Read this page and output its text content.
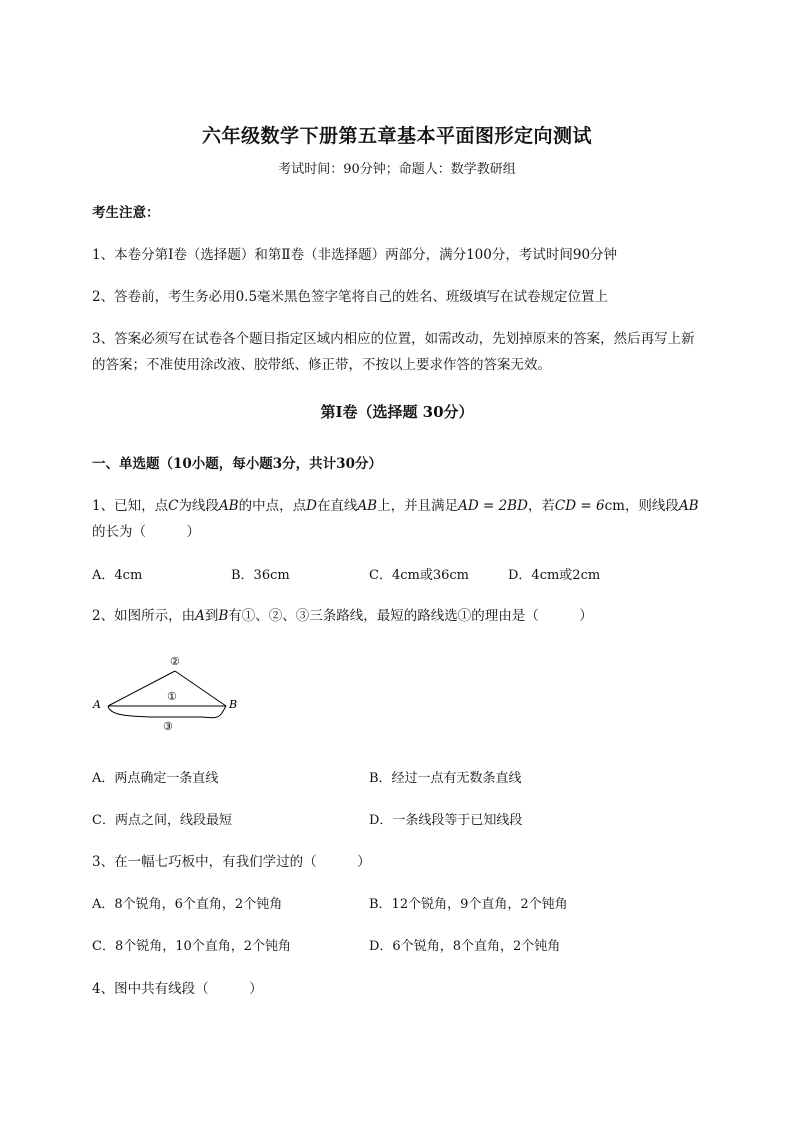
六年级数学下册第五章基本平面图形定向测试
考试时间：90分钟；命题人：数学教研组
考生注意：
1、本卷分第I卷（选择题）和第Ⅱ卷（非选择题）两部分，满分100分，考试时间90分钟
2、答卷前，考生务必用0.5毫米黑色签字笔将自己的姓名、班级填写在试卷规定位置上
3、答案必须写在试卷各个题目指定区域内相应的位置，如需改动，先划掉原来的答案，然后再写上新
的答案；不准使用涂改液、胶带纸、修正带，不按以上要求作答的答案无效。
第I卷（选择题 30分）
一、单选题（10小题，每小题3分，共计30分）
1、已知，点C为线段AB的中点，点D在直线AB上，并且满足AD = 2BD，若CD = 6cm，则线段AB
的长为（　　　）
A．4cm	B．36cm	C．4cm或36cm	D．4cm或2cm
2、如图所示，由A到B有①、②、③三条路线，最短的路线选①的理由是（　　　）
A	B
②
①
③
A．两点确定一条直线	B．经过一点有无数条直线
C．两点之间，线段最短	D．一条线段等于已知线段
3、在一幅七巧板中，有我们学过的（　　　）
A．8个锐角，6个直角，2个钝角	B．12个锐角，9个直角，2个钝角
C．8个锐角，10个直角，2个钝角	D．6个锐角，8个直角，2个钝角
4、图中共有线段（　　　）
